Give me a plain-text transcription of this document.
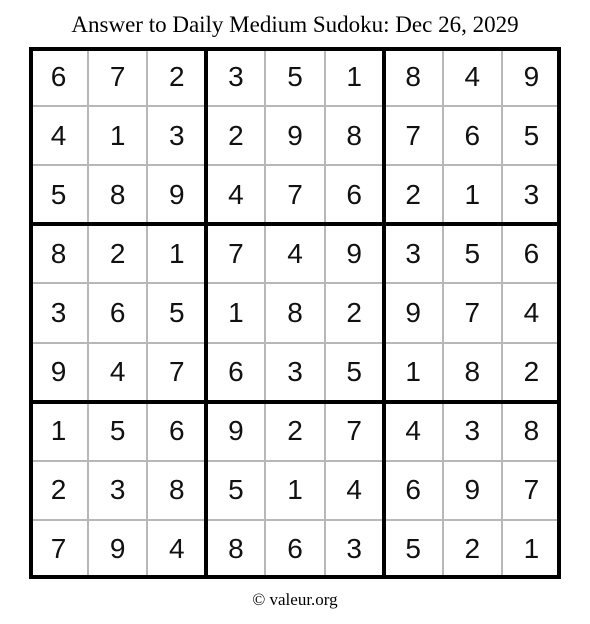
Answer to Daily Medium Sudoku: Dec 26, 2029
6	7	2	3	5	1	8	4	9
4	1	3	2	9	8	7	6	5
5	8	9	4	7	6	2	1	3
8	2	1	7	4	9	3	5	6
3	6	5	1	8	2	9	7	4
9	4	7	6	3	5	1	8	2
1	5	6	9	2	7	4	3	8
2	3	8	5	1	4	6	9	7
7	9	4	8	6	3	5	2	1
© valeur.org
